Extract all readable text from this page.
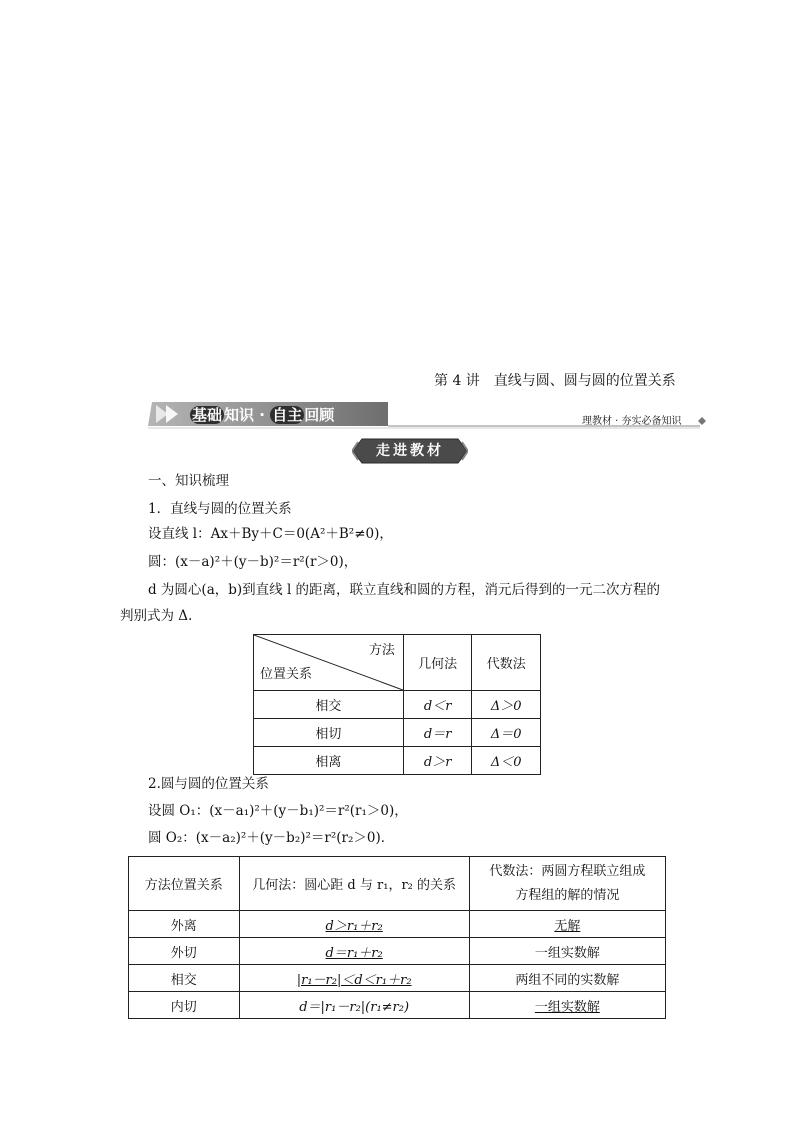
第 4 讲　直线与圆、圆与圆的位置关系
基础 知识 · 自主 回顾	理教材 · 夯实必备知识
走进教材
一、知识梳理
1．直线与圆的位置关系
设直线 l：Ax＋By＋C＝0(A²＋B²≠0)，
圆：(x－a)²＋(y－b)²＝r²(r＞0)，
d 为圆心(a，b)到直线 l 的距离，联立直线和圆的方程，消元后得到的一元二次方程的
判别式为 Δ.
方法
位置关系	几何法	代数法
相交	d＜r	Δ＞0
相切	d＝r	Δ＝0
相离	d＞r	Δ＜0
2.圆与圆的位置关系
设圆 O₁：(x－a₁)²＋(y－b₁)²＝r²(r₁＞0)，
圆 O₂：(x－a₂)²＋(y－b₂)²＝r²(r₂＞0)．
方法位置关系	几何法：圆心距 d 与 r₁，r₂ 的关系	代数法：两圆方程联立组成
方程组的解的情况

外离	d＞r₁＋r₂	无解
外切	d＝r₁＋r₂	一组实数解
相交	|r₁－r₂|＜d＜r₁＋r₂	两组不同的实数解
内切	d＝|r₁－r₂|(r₁≠r₂)	一组实数解
